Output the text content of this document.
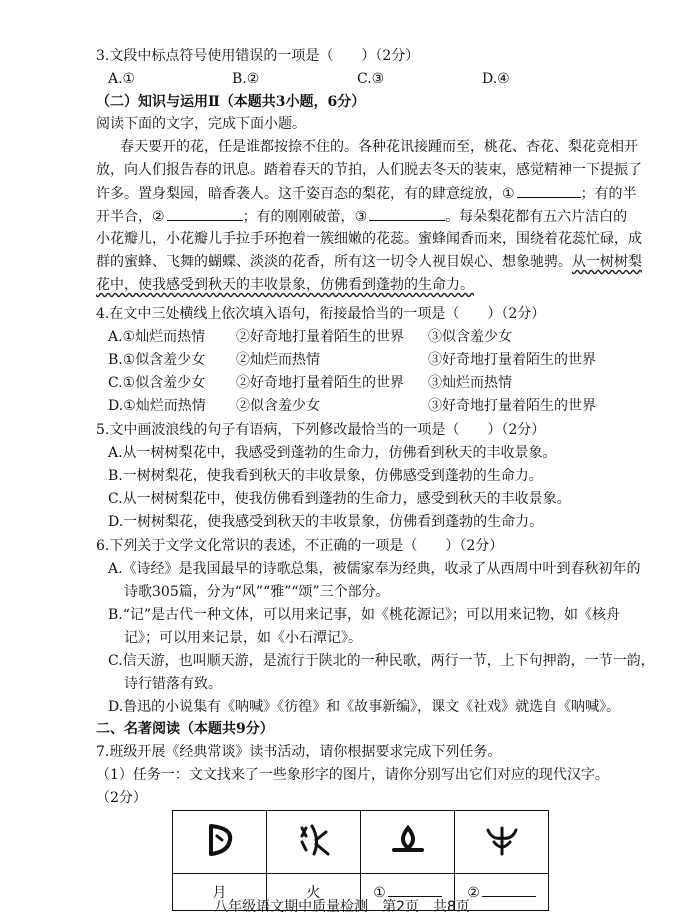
3.文段中标点符号使用错误的一项是（　　）（2分）
A.①	B.②	C.③	D.④
（二）知识与运用Ⅱ（本题共3小题，6分）
阅读下面的文字，完成下面小题。
春天要开的花，任是谁都按捺不住的。各种花讯接踵而至，桃花、杏花、梨花竞相开
放，向人们报告春的讯息。踏着春天的节拍，人们脱去冬天的装束，感觉精神一下提振了
许多。置身梨园，暗香袭人。这千姿百态的梨花，有的肆意绽放，①	；有的半
开半合，②	；有的刚刚破蕾，③	。每朵梨花都有五六片洁白的
小花瓣儿，小花瓣儿手拉手环抱着一簇细嫩的花蕊。蜜蜂闻香而来，围绕着花蕊忙碌，成
群的蜜蜂、飞舞的蝴蝶、淡淡的花香，所有这一切令人视目娱心、想象驰骋。从一树树梨
花中，使我感受到秋天的丰收景象，仿佛看到蓬勃的生命力。
4.在文中三处横线上依次填入语句，衔接最恰当的一项是（　　）（2分）
A.①灿烂而热情 ②好奇地打量着陌生的世界 ③似含羞少女
B.①似含羞少女 ②灿烂而热情	③好奇地打量着陌生的世界
C.①似含羞少女 ②好奇地打量着陌生的世界 ③灿烂而热情
D.①灿烂而热情 ②似含羞少女	③好奇地打量着陌生的世界
5.文中画波浪线的句子有语病，下列修改最恰当的一项是（　　）（2分）
A.从一树树梨花中，我感受到蓬勃的生命力，仿佛看到秋天的丰收景象。
B.一树树梨花，使我看到秋天的丰收景象，仿佛感受到蓬勃的生命力。
C.从一树树梨花中，使我仿佛看到蓬勃的生命力，感受到秋天的丰收景象。
D.一树树梨花，使我感受到秋天的丰收景象，仿佛看到蓬勃的生命力。
6.下列关于文学文化常识的表述，不正确的一项是（　　）（2分）
A.《诗经》是我国最早的诗歌总集，被儒家奉为经典，收录了从西周中叶到春秋初年的
诗歌305篇，分为“风”“雅”“颂”三个部分。
B.“记”是古代一种文体，可以用来记事，如《桃花源记》；可以用来记物，如《核舟
记》；可以用来记景，如《小石潭记》。
C.信天游，也叫顺天游，是流行于陕北的一种民歌，两行一节，上下句押韵，一节一韵，
诗行错落有致。
D.鲁迅的小说集有《呐喊》《彷徨》和《故事新编》，课文《社戏》就选自《呐喊》。
二、名著阅读（本题共9分）
7.班级开展《经典常谈》读书活动，请你根据要求完成下列任务。
（1）任务一：文文找来了一些象形字的图片，请你分别写出它们对应的现代汉字。
（2分）

月	火	①	②
八年级语文期中质量检测　第2页　共8页
